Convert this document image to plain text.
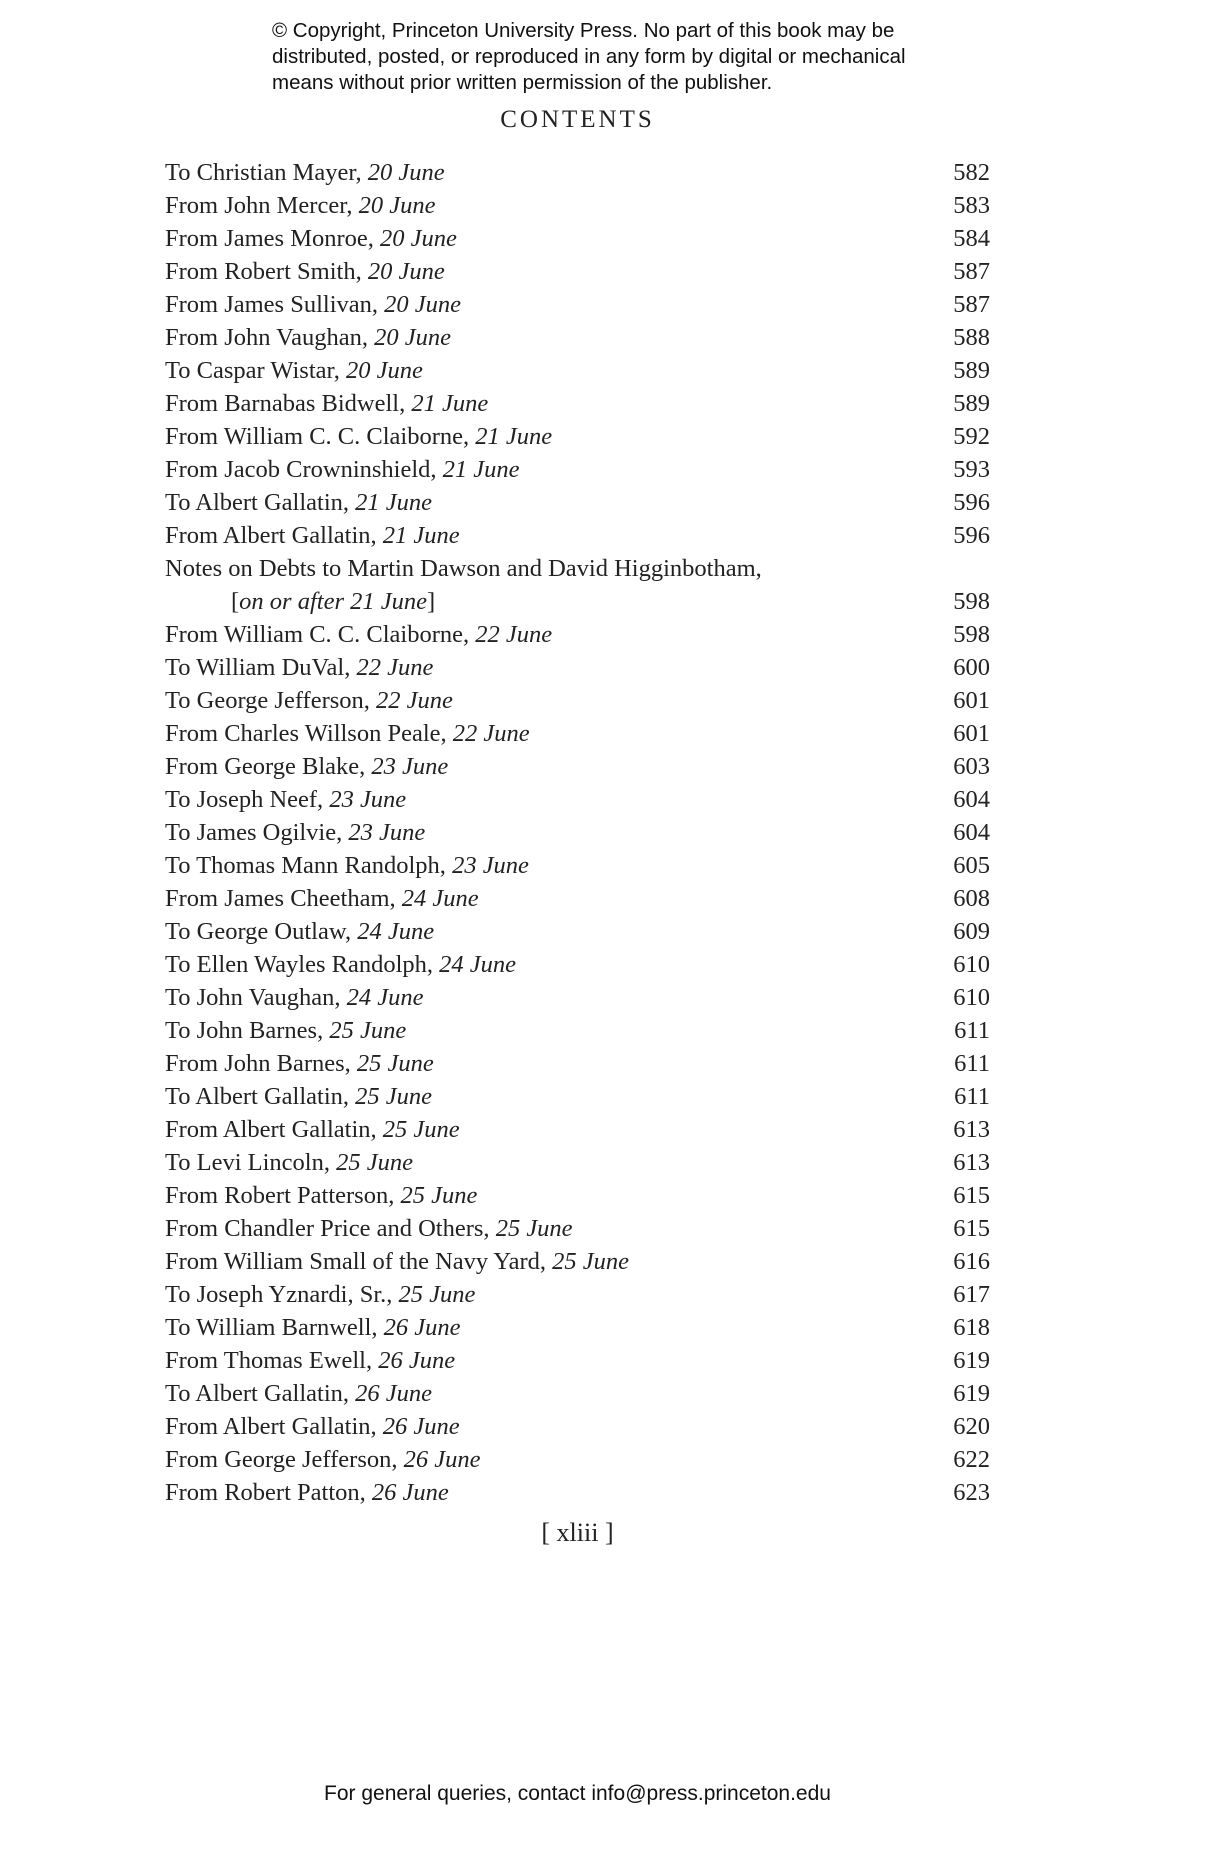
© Copyright, Princeton University Press. No part of this book may be
distributed, posted, or reproduced in any form by digital or mechanical
means without prior written permission of the publisher.
CONTENTS
To Christian Mayer, 20 June	582
From John Mercer, 20 June	583
From James Monroe, 20 June	584
From Robert Smith, 20 June	587
From James Sullivan, 20 June	587
From John Vaughan, 20 June	588
To Caspar Wistar, 20 June	589
From Barnabas Bidwell, 21 June	589
From William C. C. Claiborne, 21 June	592
From Jacob Crowninshield, 21 June	593
To Albert Gallatin, 21 June	596
From Albert Gallatin, 21 June	596
Notes on Debts to Martin Dawson and David Higginbotham,
[on or after 21 June]	598
From William C. C. Claiborne, 22 June	598
To William DuVal, 22 June	600
To George Jefferson, 22 June	601
From Charles Willson Peale, 22 June	601
From George Blake, 23 June	603
To Joseph Neef, 23 June	604
To James Ogilvie, 23 June	604
To Thomas Mann Randolph, 23 June	605
From James Cheetham, 24 June	608
To George Outlaw, 24 June	609
To Ellen Wayles Randolph, 24 June	610
To John Vaughan, 24 June	610
To John Barnes, 25 June	611
From John Barnes, 25 June	611
To Albert Gallatin, 25 June	611
From Albert Gallatin, 25 June	613
To Levi Lincoln, 25 June	613
From Robert Patterson, 25 June	615
From Chandler Price and Others, 25 June	615
From William Small of the Navy Yard, 25 June	616
To Joseph Yznardi, Sr., 25 June	617
To William Barnwell, 26 June	618
From Thomas Ewell, 26 June	619
To Albert Gallatin, 26 June	619
From Albert Gallatin, 26 June	620
From George Jefferson, 26 June	622
From Robert Patton, 26 June	623
[ xliii ]
For general queries, contact info@press.princeton.edu
